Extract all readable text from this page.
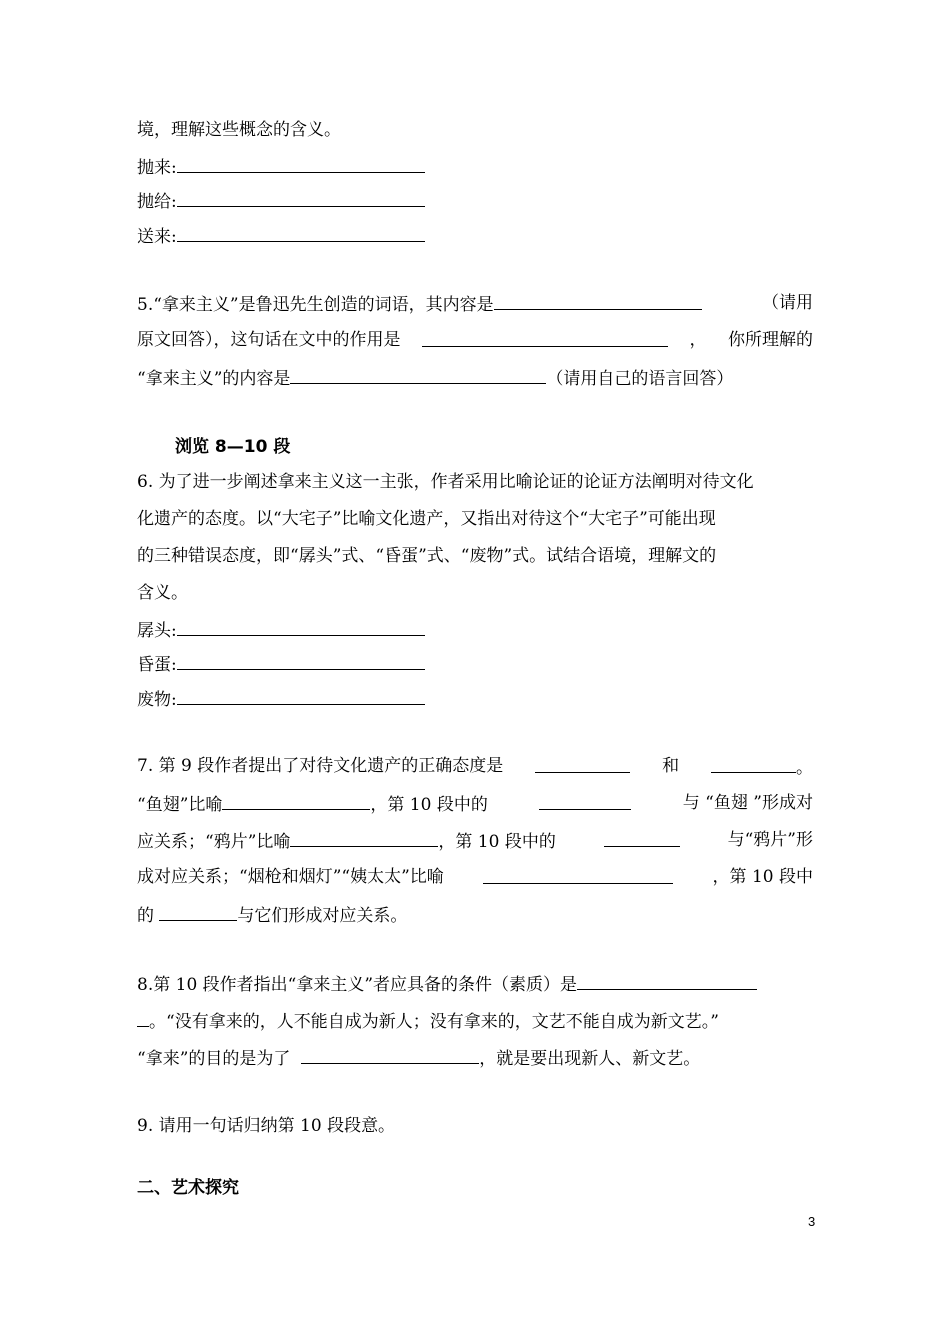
境，理解这些概念的含义。
抛来:
抛给:
送来:
5.“拿来主义”是鲁迅先生创造的词语，其内容是	（请用
原文回答），这句话在文中的作用是	， 你所理解的
“拿来主义”的内容是	（请用自己的语言回答）
浏览 8—10 段
6. 为了进一步阐述拿来主义这一主张，作者采用比喻论证的论证方法阐明对待文化
化遗产的态度。以“大宅子”比喻文化遗产，又指出对待这个“大宅子”可能出现
的三种错误态度，即“孱头”式、“昏蛋”式、“废物”式。试结合语境，理解文的
含义。
孱头:
昏蛋:
废物:
7. 第 9 段作者提出了对待文化遗产的正确态度是	和	。
“鱼翅”比喻	，第 10 段中的	与 “鱼翅 ”形成对
应关系；“鸦片”比喻	，第 10 段中的	与“鸦片”形
成对应关系；“烟枪和烟灯”“姨太太”比喻	，第 10 段中
的	与它们形成对应关系。
8.第 10 段作者指出“拿来主义”者应具备的条件（素质）是
。“没有拿来的，人不能自成为新人；没有拿来的，文艺不能自成为新文艺。”
“拿来”的目的是为了	，就是要出现新人、新文艺。
9. 请用一句话归纳第 10 段段意。
二、艺术探究
3
